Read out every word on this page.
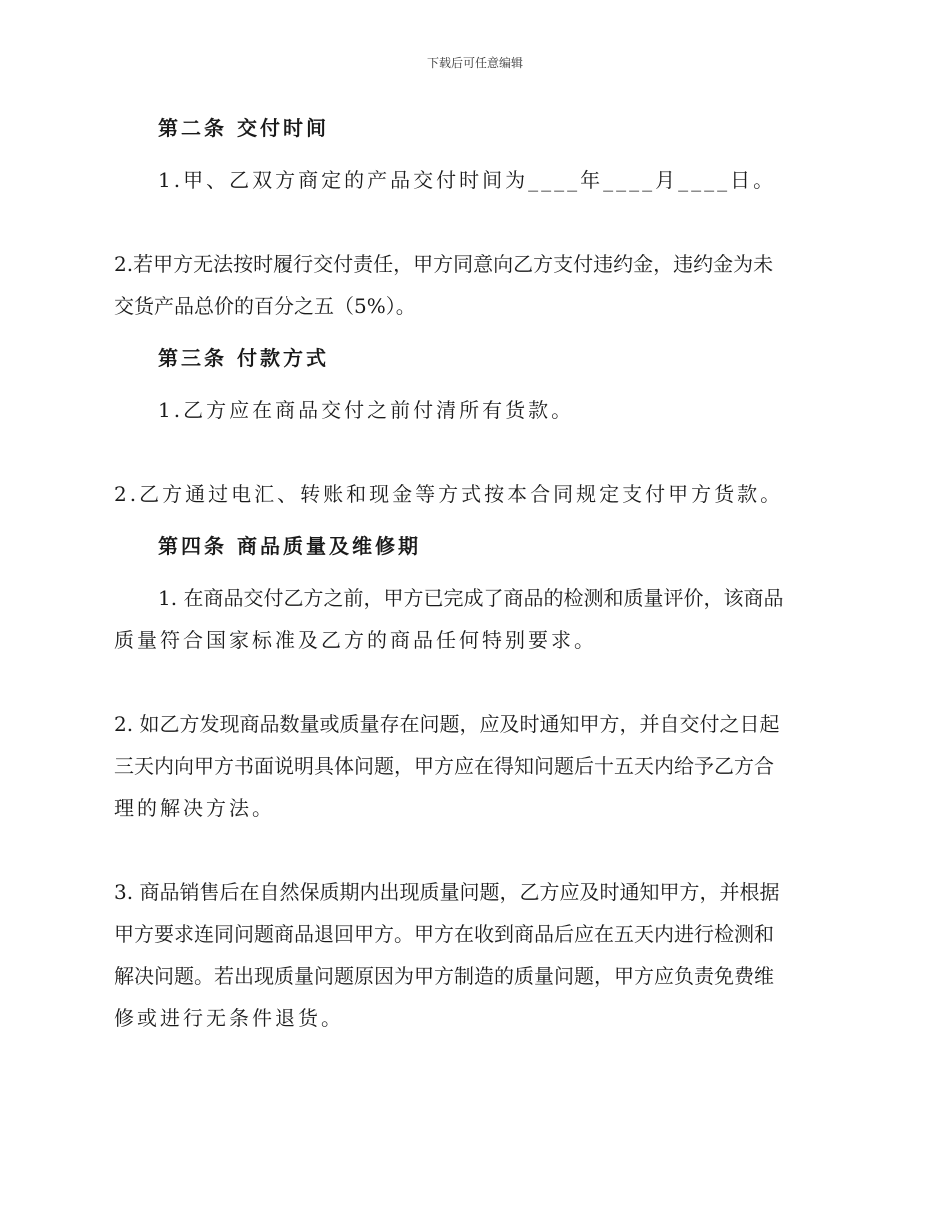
下载后可任意编辑
第二条 交付时间
1.甲、乙双方商定的产品交付时间为____年____月____日。
2.若甲方无法按时履行交付责任，甲方同意向乙方支付违约金，违约金为未
交货产品总价的百分之五（5%）。
第三条 付款方式
1.乙方应在商品交付之前付清所有货款。
2.乙方通过电汇、转账和现金等方式按本合同规定支付甲方货款。
第四条 商品质量及维修期
1. 在商品交付乙方之前，甲方已完成了商品的检测和质量评价，该商品
质量符合国家标准及乙方的商品任何特别要求。
2. 如乙方发现商品数量或质量存在问题，应及时通知甲方，并自交付之日起
三天内向甲方书面说明具体问题，甲方应在得知问题后十五天内给予乙方合
理的解决方法。
3. 商品销售后在自然保质期内出现质量问题，乙方应及时通知甲方，并根据
甲方要求连同问题商品退回甲方。甲方在收到商品后应在五天内进行检测和
解决问题。若出现质量问题原因为甲方制造的质量问题，甲方应负责免费维
修或进行无条件退货。
